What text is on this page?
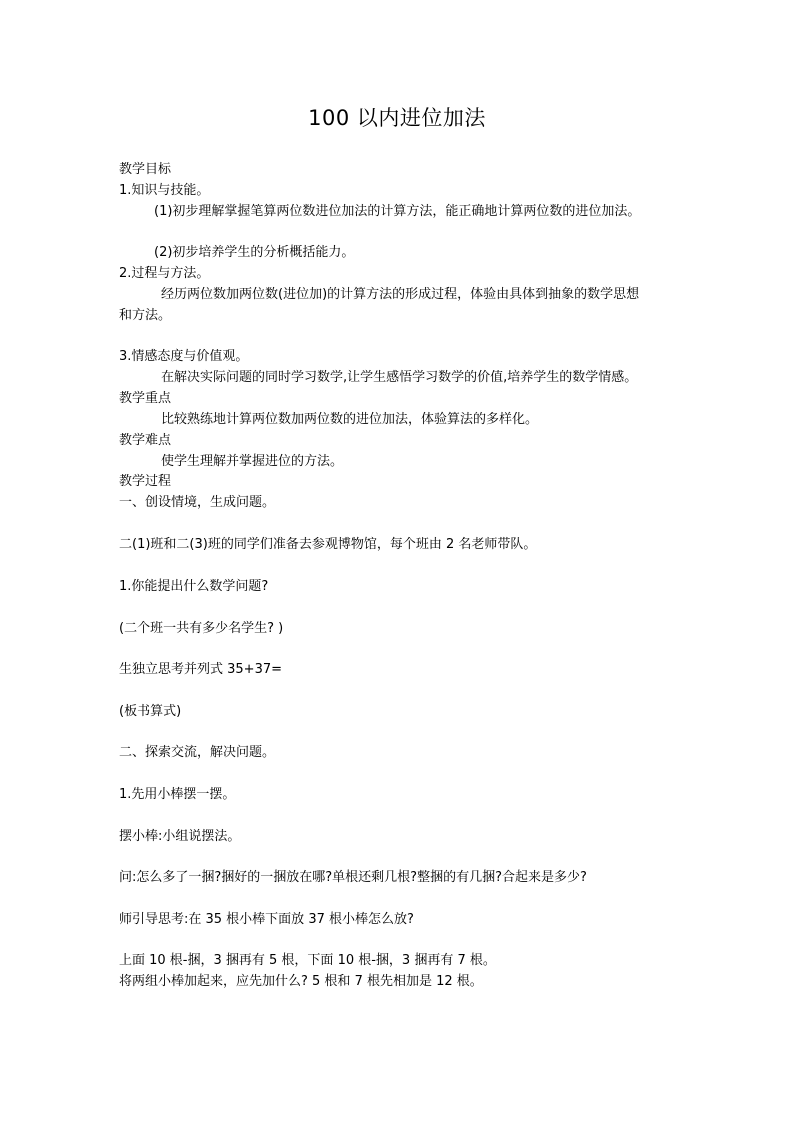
100 以内进位加法
教学目标
1.知识与技能。
(1)初步理解掌握笔算两位数进位加法的计算方法，能正确地计算两位数的进位加法。
(2)初步培养学生的分析概括能力。
2.过程与方法。
经历两位数加两位数(进位加)的计算方法的形成过程，体验由具体到抽象的数学思想
和方法。
3.情感态度与价值观。
在解决实际问题的同时学习数学,让学生感悟学习数学的价值,培养学生的数学情感。
教学重点
比较熟练地计算两位数加两位数的进位加法，体验算法的多样化。
教学难点
使学生理解并掌握进位的方法。
教学过程
一、创设情境，生成问题。
二(1)班和二(3)班的同学们准备去参观博物馆，每个班由 2 名老师带队。
1.你能提出什么数学问题?
(二个班一共有多少名学生? )
生独立思考并列式 35+37=
(板书算式)
二、探索交流，解决问题。
1.先用小棒摆一摆。
摆小棒:小组说摆法。
问:怎么多了一捆?捆好的一捆放在哪?单根还剩几根?整捆的有几捆?合起来是多少?
师引导思考:在 35 根小棒下面放 37 根小棒怎么放?
上面 10 根-捆，3 捆再有 5 根，下面 10 根-捆，3 捆再有 7 根。
将两组小棒加起来，应先加什么? 5 根和 7 根先相加是 12 根。
